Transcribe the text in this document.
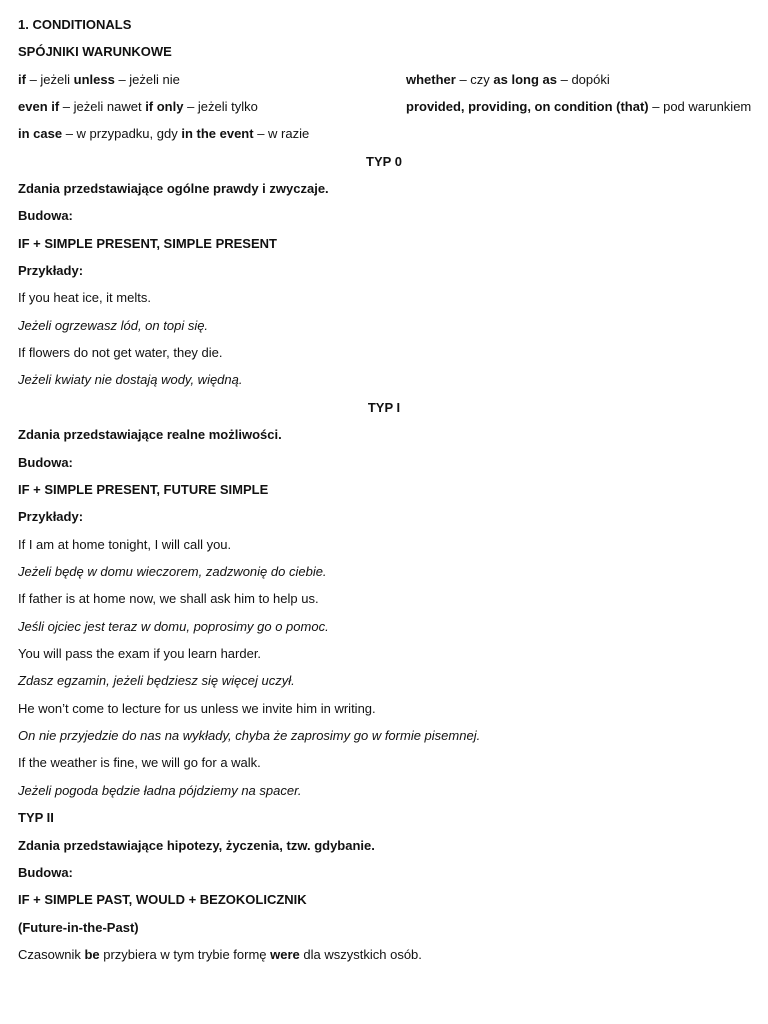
1. CONDITIONALS
SPÓJNIKI WARUNKOWE
if – jeżeli unless – jeżeli nie	whether – czy as long as – dopóki
even if – jeżeli nawet if only – jeżeli tylko	provided, providing, on condition (that) – pod warunkiem
in case – w przypadku, gdy in the event – w razie
TYP 0
Zdania przedstawiające ogólne prawdy i zwyczaje.
Budowa:
IF + SIMPLE PRESENT, SIMPLE PRESENT
Przykłady:
If you heat ice, it melts.
Jeżeli ogrzewasz lód, on topi się.
If flowers do not get water, they die.
Jeżeli kwiaty nie dostają wody, więdną.
TYP I
Zdania przedstawiające realne możliwości.
Budowa:
IF + SIMPLE PRESENT, FUTURE SIMPLE
Przykłady:
If I am at home tonight, I will call you.
Jeżeli będę w domu wieczorem, zadzwonię do ciebie.
If father is at home now, we shall ask him to help us.
Jeśli ojciec jest teraz w domu, poprosimy go o pomoc.
You will pass the exam if you learn harder.
Zdasz egzamin, jeżeli będziesz się więcej uczył.
He won’t come to lecture for us unless we invite him in writing.
On nie przyjedzie do nas na wykłady, chyba że zaprosimy go w formie pisemnej.
If the weather is fine, we will go for a walk.
Jeżeli pogoda będzie ładna pójdziemy na spacer.
TYP II
Zdania przedstawiające hipotezy, życzenia, tzw. gdybanie.
Budowa:
IF + SIMPLE PAST, WOULD + BEZOKOLICZNIK
(Future-in-the-Past)
Czasownik be przybiera w tym trybie formę were dla wszystkich osób.
